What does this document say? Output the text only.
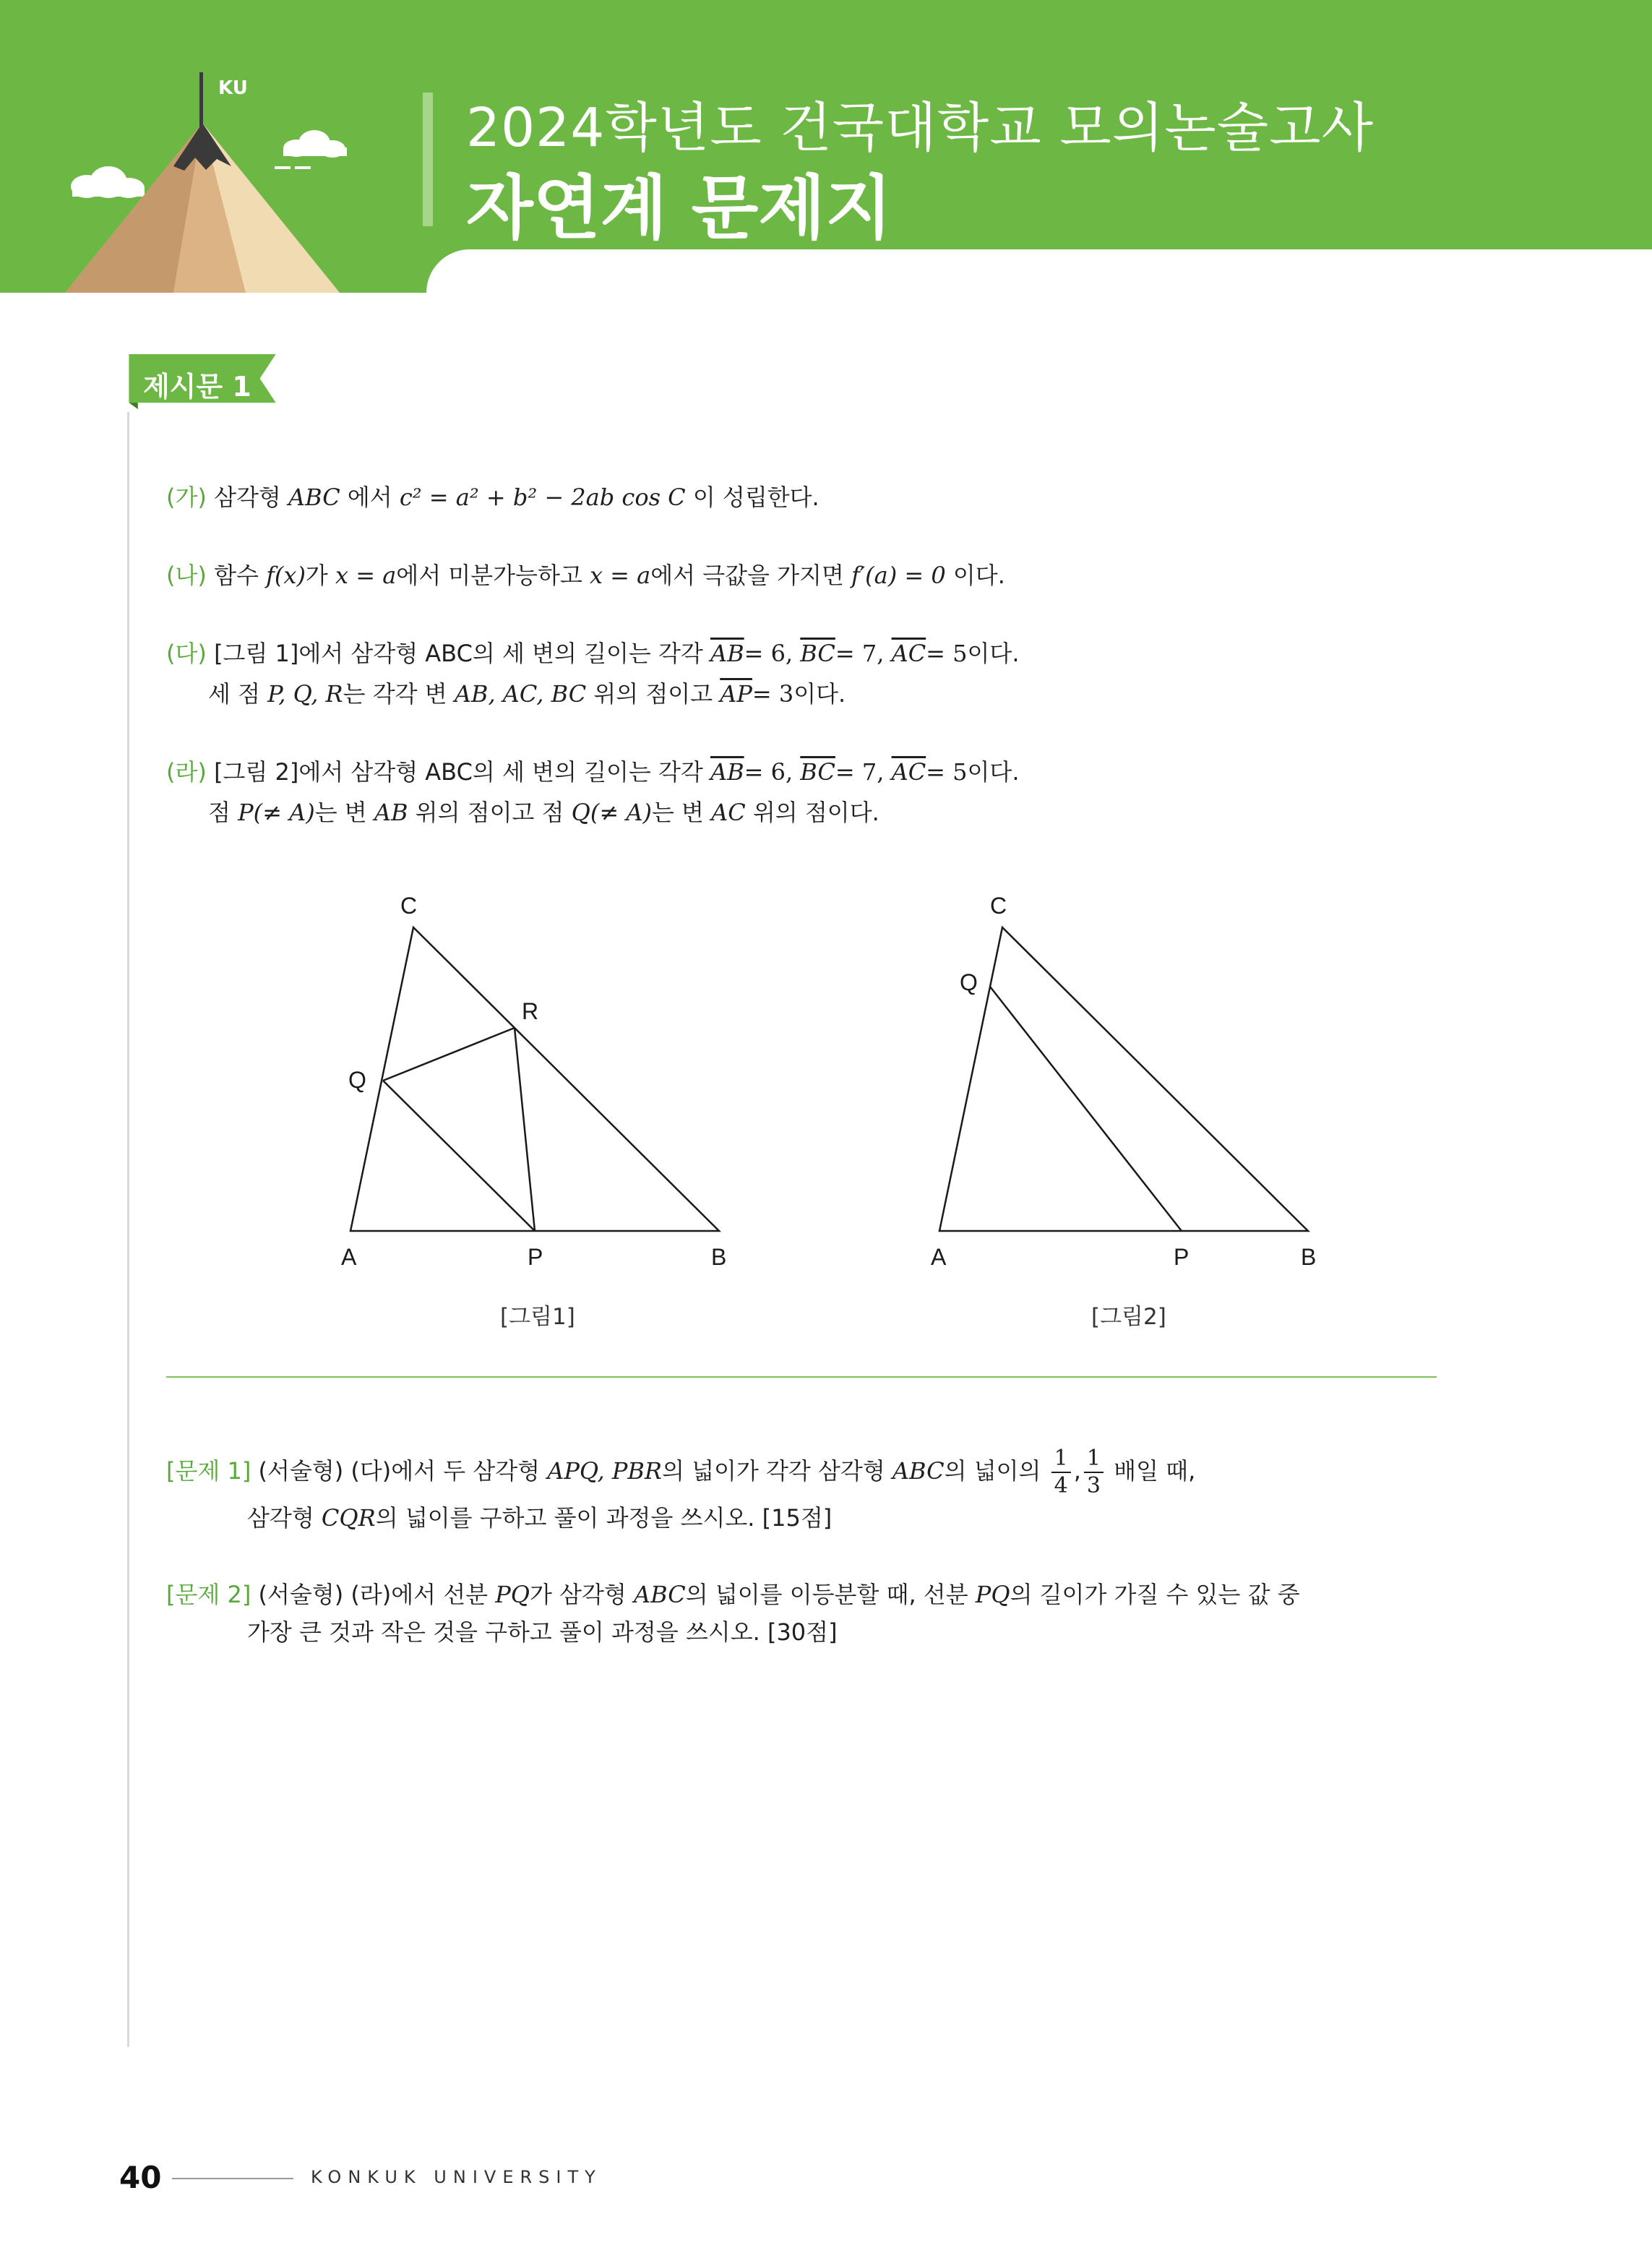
KU
2024학년도 건국대학교 모의논술고사
자연계 문제지
제시문 1
(가) 삼각형 ABC 에서 c² = a² + b² − 2ab cos C 이 성립한다.
(나) 함수 f(x)가 x = a에서 미분가능하고 x = a에서 극값을 가지면 f′(a) = 0 이다.
(다) [그림 1]에서 삼각형 ABC의 세 변의 길이는 각각 $\overline{AB}= 6$, $\overline{BC}= 7$, $\overline{AC}= 5$이다.
세 점 P, Q, R는 각각 변 AB, AC, BC 위의 점이고 $\overline{AP}= 3$이다.
(라) [그림 2]에서 삼각형 ABC의 세 변의 길이는 각각 $\overline{AB}= 6$, $\overline{BC}= 7$, $\overline{AC}= 5$이다.
점 P(≠ A)는 변 AB 위의 점이고 점 Q(≠ A)는 변 AC 위의 점이다.
A	B
C
P
Q
R
[그림1]
A	B
C
P
Q
[그림2]
[문제 1] (서술형) (다)에서 두 삼각형 APQ, PBR의 넓이가 각각 삼각형 ABC의 넓이의 $\frac{1}{4}$ , $\frac{1}{3}$ 배일 때,
삼각형 CQR의 넓이를 구하고 풀이 과정을 쓰시오. [15점]
[문제 2] (서술형) (라)에서 선분 PQ가 삼각형 ABC의 넓이를 이등분할 때, 선분 PQ의 길이가 가질 수 있는 값 중
가장 큰 것과 작은 것을 구하고 풀이 과정을 쓰시오. [30점]
40	KONKUK UNIVERSITY
